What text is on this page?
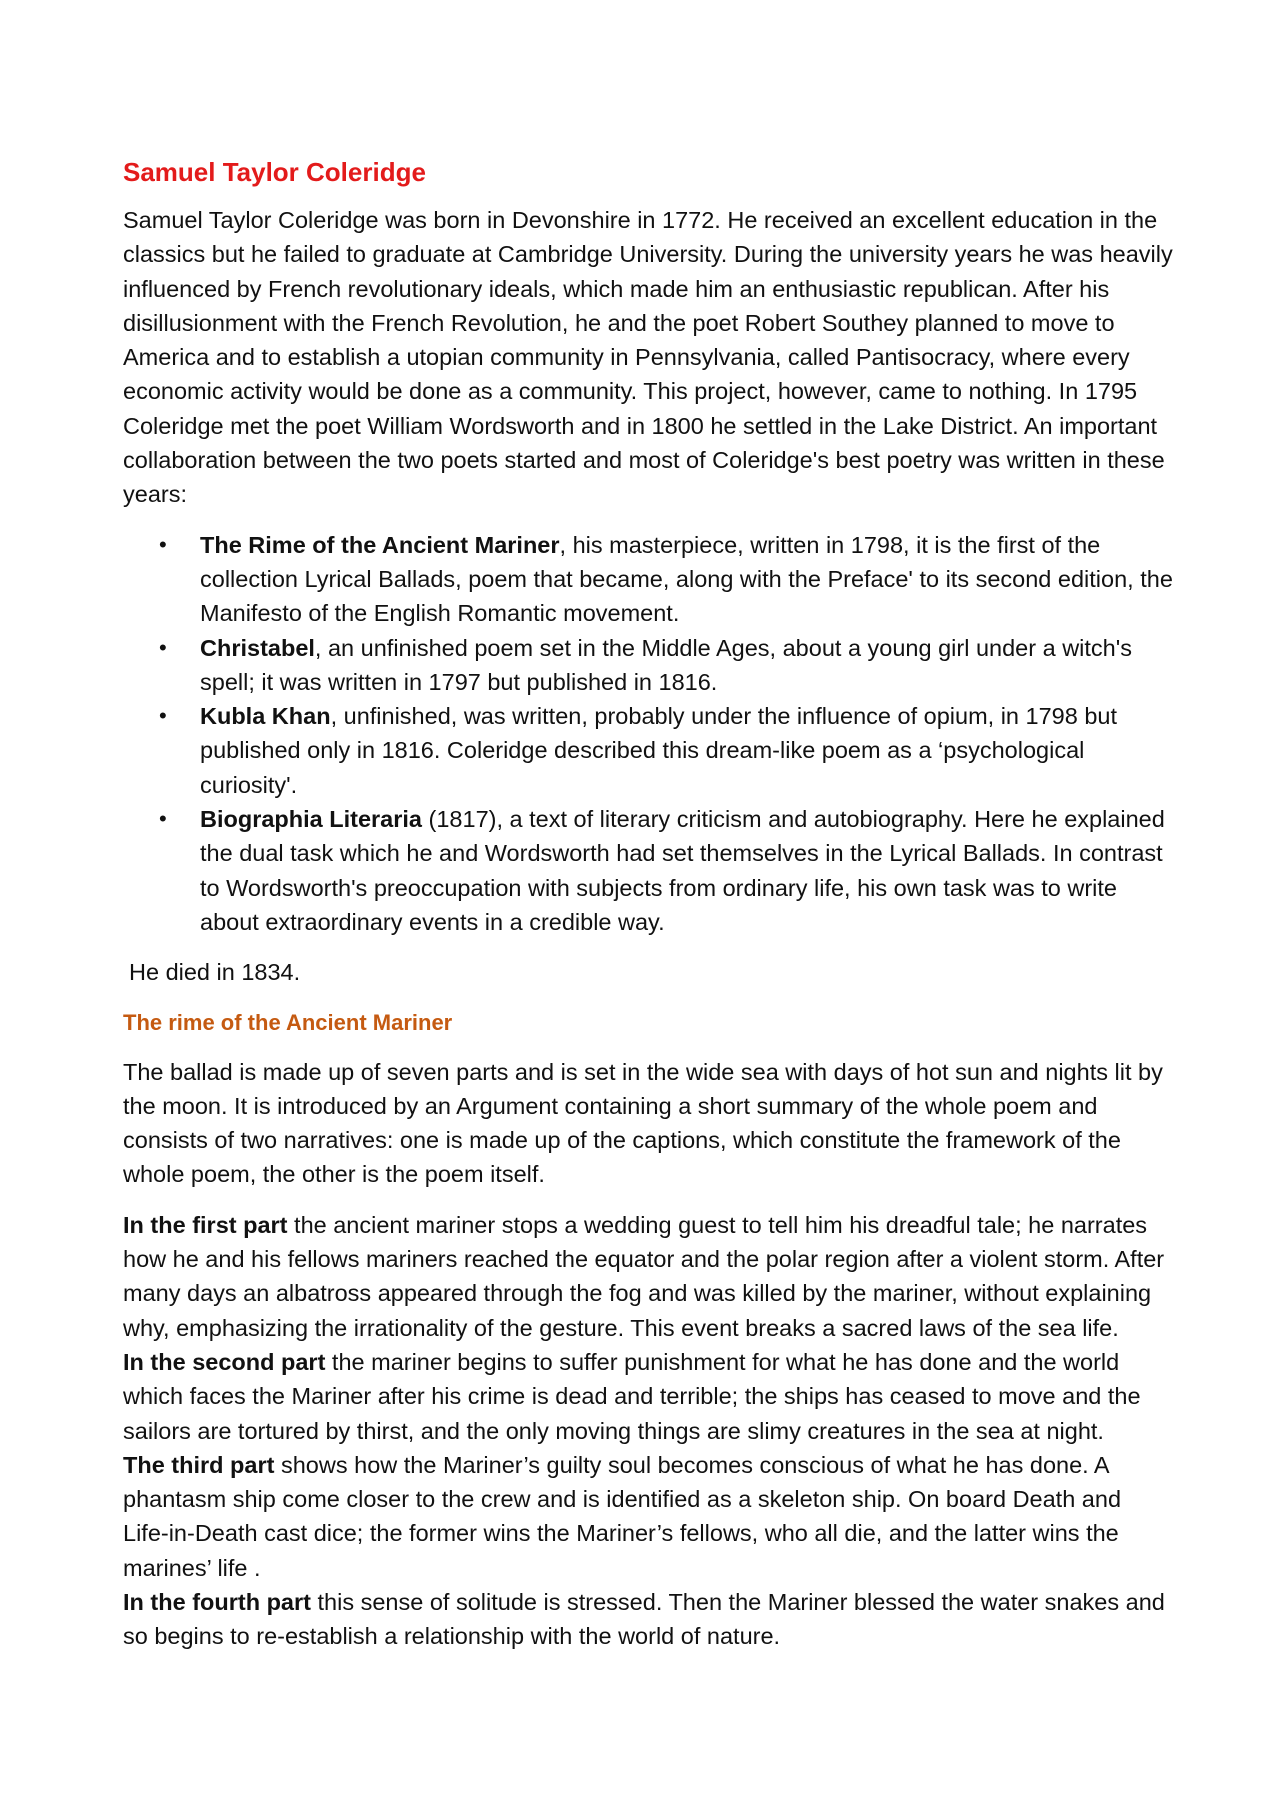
Samuel Taylor Coleridge

Samuel Taylor Coleridge was born in Devonshire in 1772. He received an excellent education in the classics but he failed to graduate at Cambridge University. During the university years he was heavily influenced by French revolutionary ideals, which made him an enthusiastic republican. After his disillusionment with the French Revolution, he and the poet Robert Southey planned to move to America and to establish a utopian community in Pennsylvania, called Pantisocracy, where every economic activity would be done as a community. This project, however, came to nothing. In 1795 Coleridge met the poet William Wordsworth and in 1800 he settled in the Lake District. An important collaboration between the two poets started and most of Coleridge's best poetry was written in these years:

• The Rime of the Ancient Mariner, his masterpiece, written in 1798, it is the first of the collection Lyrical Ballads, poem that became, along with the Preface' to its second edition, the Manifesto of the English Romantic movement.
• Christabel, an unfinished poem set in the Middle Ages, about a young girl under a witch's spell; it was written in 1797 but published in 1816.
• Kubla Khan, unfinished, was written, probably under the influence of opium, in 1798 but published only in 1816. Coleridge described this dream-like poem as a ‘psychological curiosity'.
• Biographia Literaria (1817), a text of literary criticism and autobiography. Here he explained the dual task which he and Wordsworth had set themselves in the Lyrical Ballads. In contrast to Wordsworth's preoccupation with subjects from ordinary life, his own task was to write about extraordinary events in a credible way.

He died in 1834.

The rime of the Ancient Mariner

The ballad is made up of seven parts and is set in the wide sea with days of hot sun and nights lit by the moon. It is introduced by an Argument containing a short summary of the whole poem and consists of two narratives: one is made up of the captions, which constitute the framework of the whole poem, the other is the poem itself.

In the first part the ancient mariner stops a wedding guest to tell him his dreadful tale; he narrates how he and his fellows mariners reached the equator and the polar region after a violent storm. After many days an albatross appeared through the fog and was killed by the mariner, without explaining why, emphasizing the irrationality of the gesture. This event breaks a sacred laws of the sea life.

In the second part the mariner begins to suffer punishment for what he has done and the world which faces the Mariner after his crime is dead and terrible; the ships has ceased to move and the sailors are tortured by thirst, and the only moving things are slimy creatures in the sea at night.

The third part shows how the Mariner’s guilty soul becomes conscious of what he has done. A phantasm ship come closer to the crew and is identified as a skeleton ship. On board Death and Life-in-Death cast dice; the former wins the Mariner’s fellows, who all die, and the latter wins the marines’ life .

In the fourth part this sense of solitude is stressed. Then the Mariner blessed the water snakes and so begins to re-establish a relationship with the world of nature.
